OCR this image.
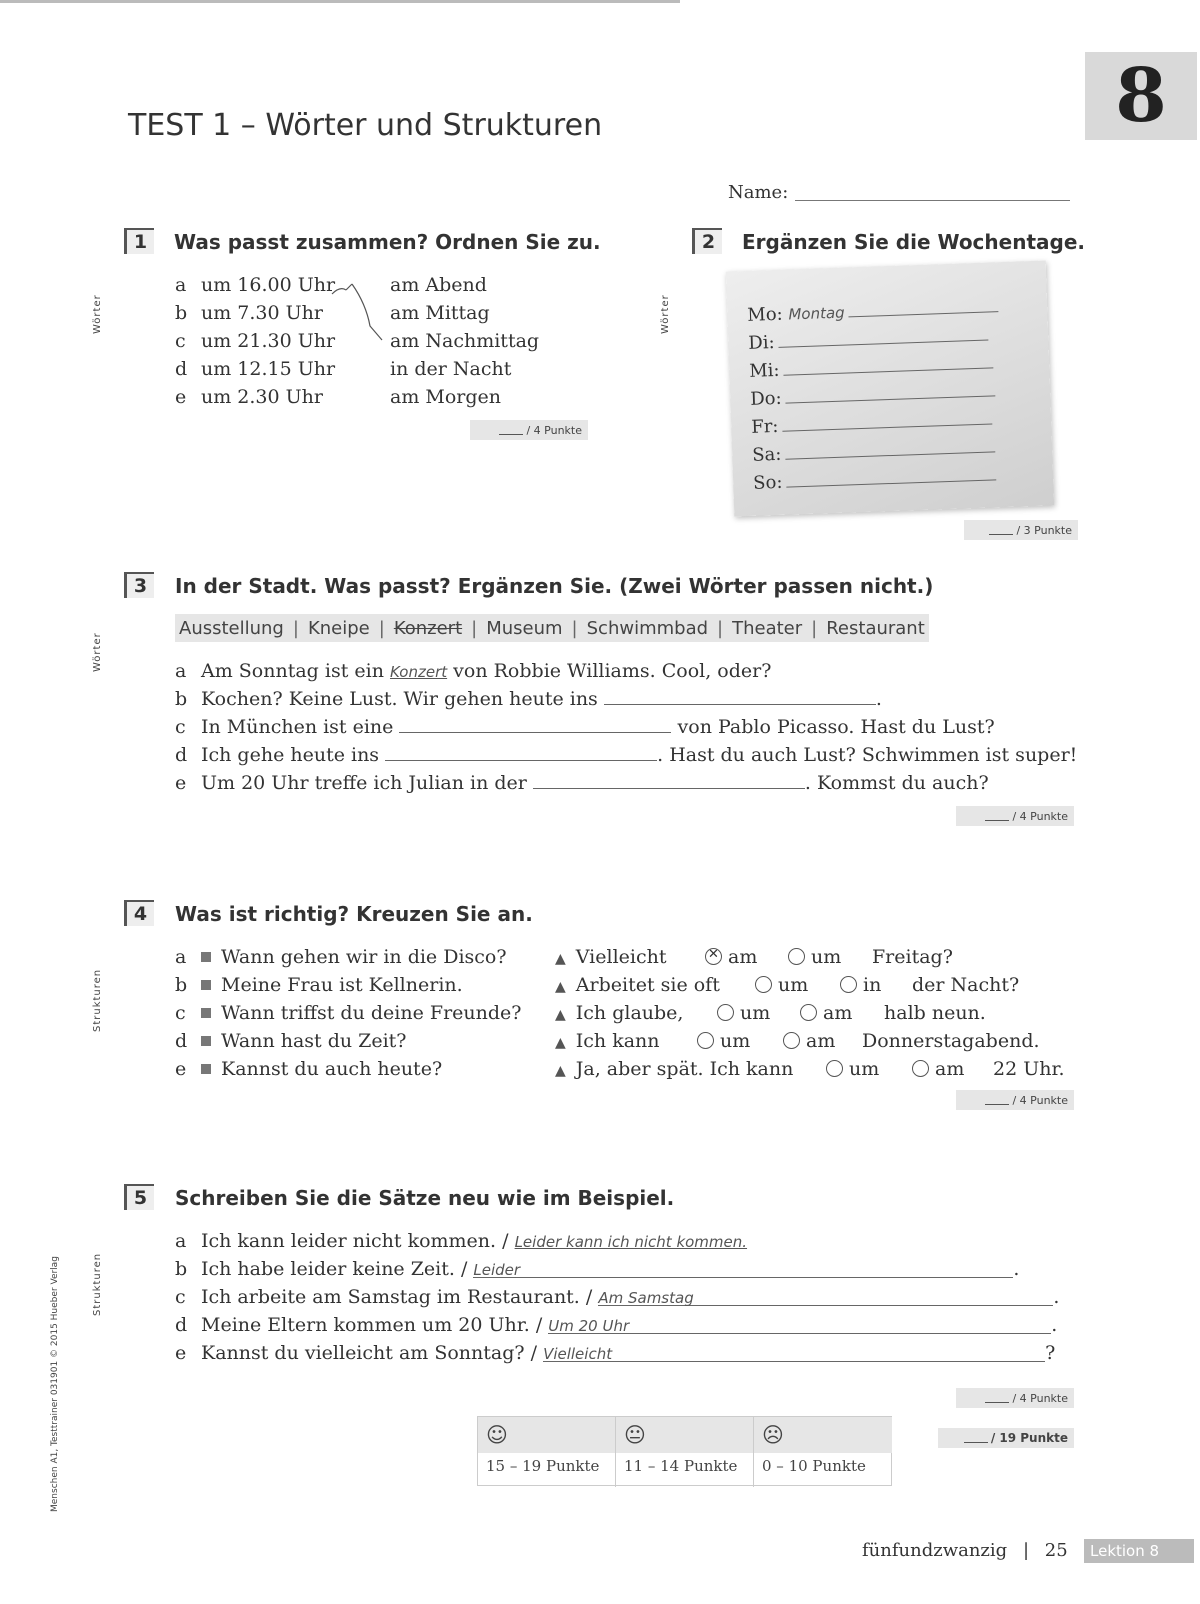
8
TEST 1 – Wörter und Strukturen
Name:
Wörter	Wörter
Wörter
Strukturen
Strukturen
Menschen A1, Testtrainer 031901 © 2015 Hueber Verlag
1	Was passt zusammen? Ordnen Sie zu.
a um 16.00 Uhr
b um 7.30 Uhr
c um 21.30 Uhr
d um 12.15 Uhr
e um 2.30 Uhr
am Abend
am Mittag
am Nachmittag
in der Nacht
am Morgen
/ 4 Punkte
2	Ergänzen Sie die Wochentage.
Mo: Montag
Di:
Mi:
Do:
Fr:
Sa:
So:
/ 3 Punkte
3	In der Stadt. Was passt? Ergänzen Sie. (Zwei Wörter passen nicht.)
Ausstellung | Kneipe | Konzert | Museum | Schwimmbad | Theater | Restaurant
a Am Sonntag ist ein Konzert von Robbie Williams. Cool, oder?
b Kochen? Keine Lust. Wir gehen heute ins	.
c In München ist eine	von Pablo Picasso. Hast du Lust?
d Ich gehe heute ins	. Hast du auch Lust? Schwimmen ist super!
e Um 20 Uhr treffe ich Julian in der	. Kommst du auch?
/ 4 Punkte
4	Was ist richtig? Kreuzen Sie an.
a Wann gehen wir in die Disco?	▲ Vielleicht
✕	am	um Freitag?
b Meine Frau ist Kellnerin.	▲ Arbeitet sie oft	um	in der Nacht?
c Wann triffst du deine Freunde? ▲ Ich glaube,	um	am halb neun.
d Wann hast du Zeit?	▲ Ich kann	um	am Donnerstagabend.
e Kannst du auch heute?	▲ Ja, aber spät. Ich kann	um	am 22 Uhr.
/ 4 Punkte
5	Schreiben Sie die Sätze neu wie im Beispiel.
a Ich kann leider nicht kommen. / Leider kann ich nicht kommen.
b Ich habe leider keine Zeit. / Leider	.
c Ich arbeite am Samstag im Restaurant. / Am Samstag	.
d Meine Eltern kommen um 20 Uhr. / Um 20 Uhr	.
e Kannst du vielleicht am Sonntag? / Vielleicht	?
/ 4 Punkte
☺
15 – 19 Punkte
😐
11 – 14 Punkte
☹
0 – 10 Punkte
/ 19 Punkte
fünfundzwanzig | 25	Lektion 8
